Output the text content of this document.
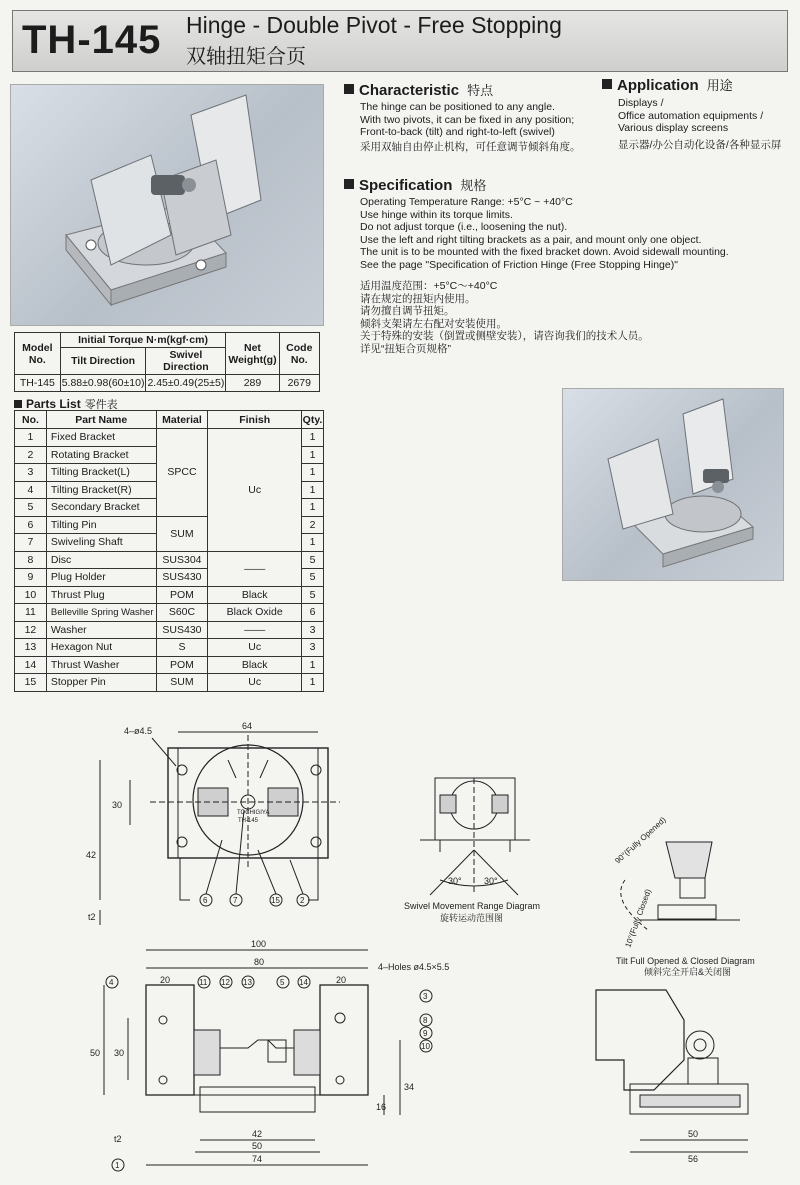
TH-145 Hinge - Double Pivot - Free Stopping
双轴扭矩合页
Characteristic 特点
The hinge can be positioned to any angle.
With two pivots, it can be fixed in any position;
Front-to-back (tilt) and right-to-left (swivel)
采用双轴自由停止机构，可任意调节倾斜角度。
Application 用途
Displays /
Office automation equipments /
Various display screens
显示器/办公自动化设备/各种显示屏
Specification 规格
Operating Temperature Range: +5°C ~ +40°C
Use hinge within its torque limits.
Do not adjust torque (i.e., loosening the nut).
Use the left and right tilting brackets as a pair, and mount only one object.
The unit is to be mounted with the fixed bracket down. Avoid sidewall mounting.
See the page "Specification of Friction Hinge (Free Stopping Hinge)"
适用温度范围：+5°C～+40°C
请在规定的扭矩内使用。
请勿擅自调节扭矩。
倾斜支架请左右配对安装使用。
关于特殊的安装（倒置或侧壁安装），请咨询我们的技术人员。
详见“扭矩合页规格”
Model No.	Initial Torque N·m(kgf·cm)		Net Weight(g)	Code No.
	Tilt Direction	Swivel Direction		
TH-145	5.88±0.98(60±10)	2.45±0.49(25±5)	289	2679
Parts List 零件表
No.	Part Name	Material	Finish	Qty.
1	Fixed Bracket	SPCC	Uc	1
2	Rotating Bracket			1
3	Tilting Bracket(L)			1
4	Tilting Bracket(R)			1
5	Secondary Bracket			1
6	Tilting Pin	SUM		2
7	Swiveling Shaft			1
8	Disc	SUS304	——	5
9	Plug Holder	SUS430		5
10	Thrust Plug	POM	Black	5
11	Belleville Spring Washer	S60C	Black Oxide	6
12	Washer	SUS430	——	3
13	Hexagon Nut	S	Uc	3
14	Thrust Washer	POM	Black	1
15	Stopper Pin	SUM	Uc	1
4–ø4.5	64
30
42
t2
TOCHIGIYA
TH-145
6	7	15	2
30° 30°
Swivel Movement Range Diagram
旋转运动范围图
90°(Fully Opened)
10°(Fully Closed)
Tilt Full Opened & Closed Diagram
倾斜完全开启&关闭图
100
80
20	20
4–Holes ø4.5×5.5
50 30
34
16
t2	42
50
74
4	11 12 13	5 14
3
8
9
10
1
50
56
